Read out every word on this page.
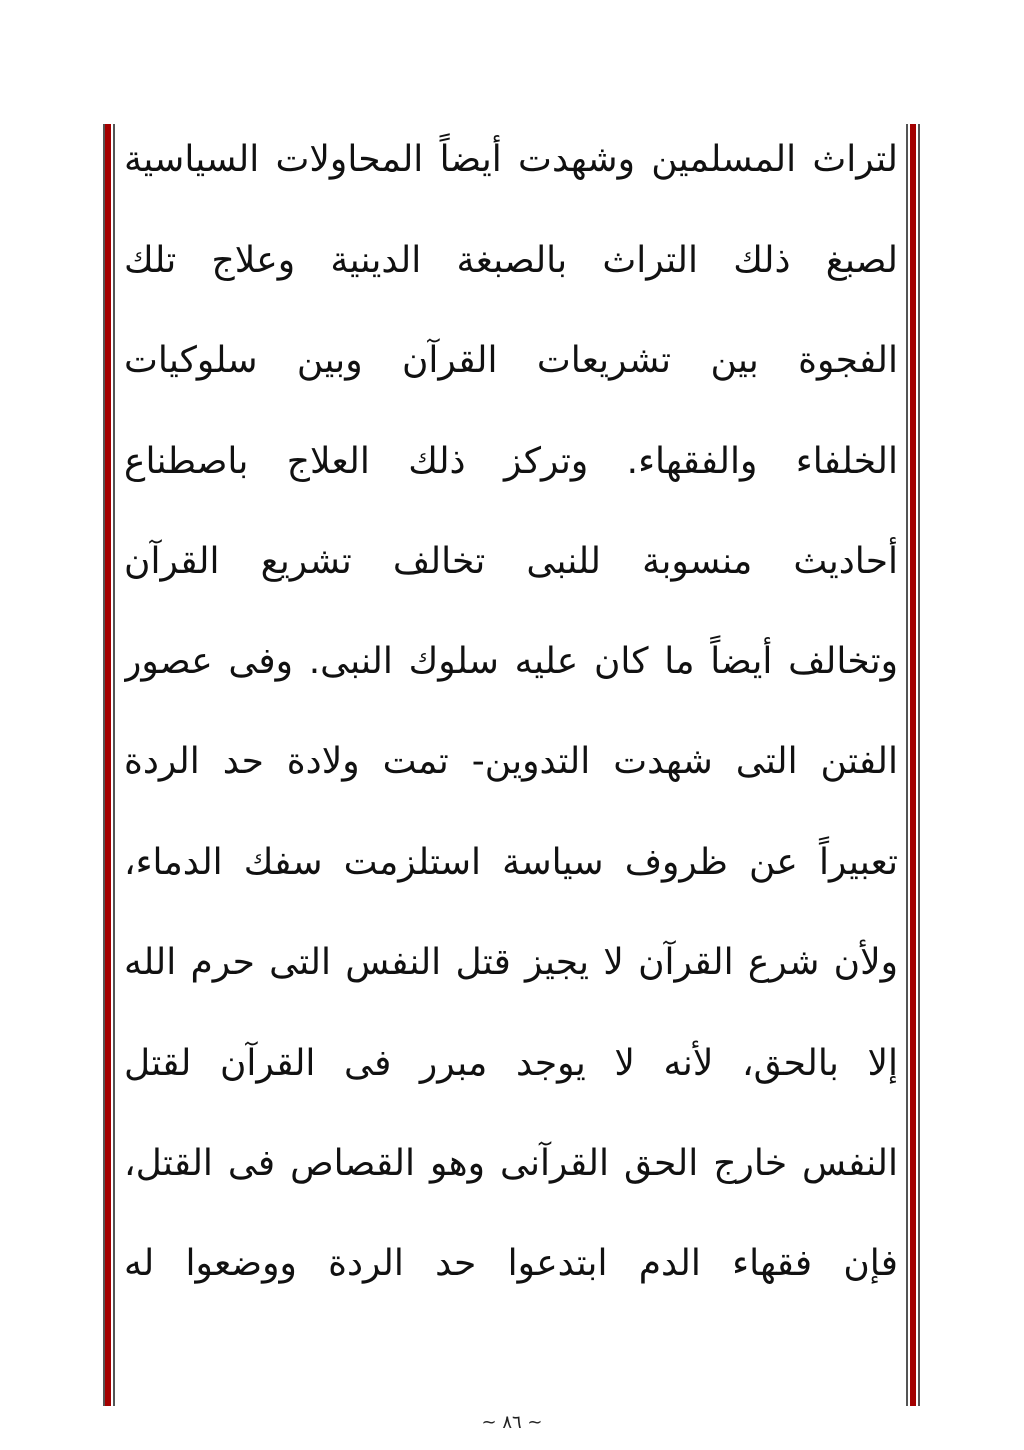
لتراث المسلمين وشهدت أيضاً المحاولات السياسية
لصبغ ذلك التراث بالصبغة الدينية وعلاج تلك
الفجوة بين تشريعات القرآن وبين سلوكيات
الخلفاء والفقهاء. وتركز ذلك العلاج باصطناع
أحاديث منسوبة للنبى تخالف تشريع القرآن
وتخالف أيضاً ما كان عليه سلوك النبى. وفى عصور
الفتن التى شهدت التدوين- تمت ولادة حد الردة
تعبيراً عن ظروف سياسة استلزمت سفك الدماء،
ولأن شرع القرآن لا يجيز قتل النفس التى حرم الله
إلا بالحق، لأنه لا يوجد مبرر فى القرآن لقتل
النفس خارج الحق القرآنى وهو القصاص فى القتل،
فإن فقهاء الدم ابتدعوا حد الردة ووضعوا له
~ ٨٦ ~
